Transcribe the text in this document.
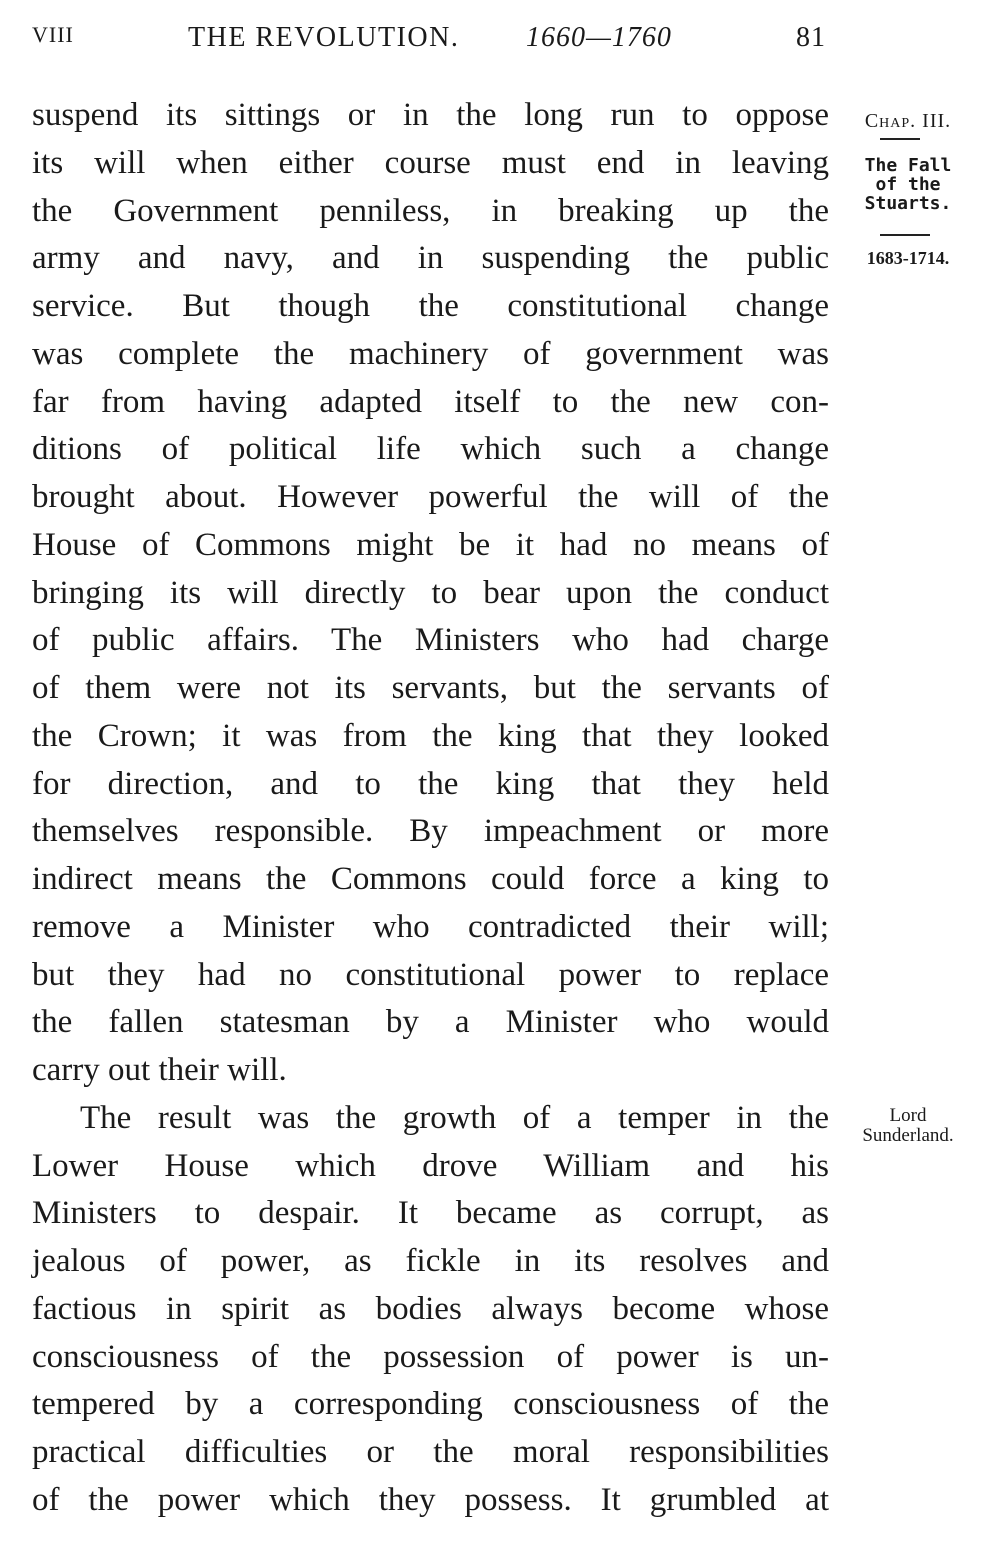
VIII	THE REVOLUTION. 1660—1760	81
suspend its sittings or in the long run to oppose
its will when either course must end in leaving
the Government penniless, in breaking up the
army and navy, and in suspending the public
service. But though the constitutional change
was complete the machinery of government was
far from having adapted itself to the new con-
ditions of political life which such a change
brought about. However powerful the will of the
House of Commons might be it had no means of
bringing its will directly to bear upon the conduct
of public affairs. The Ministers who had charge
of them were not its servants, but the servants of
the Crown; it was from the king that they looked
for direction, and to the king that they held
themselves responsible. By impeachment or more
indirect means the Commons could force a king to
remove a Minister who contradicted their will;
but they had no constitutional power to replace
the fallen statesman by a Minister who would
carry out their will.
The result was the growth of a temper in the
Lower House which drove William and his
Ministers to despair. It became as corrupt, as
jealous of power, as fickle in its resolves and
factious in spirit as bodies always become whose
consciousness of the possession of power is un-
tempered by a corresponding consciousness of the
practical difficulties or the moral responsibilities
of the power which they possess. It grumbled at
Chap. III.
The Fall
of the
Stuarts.
1683-1714.
Lord
Sunderland.
